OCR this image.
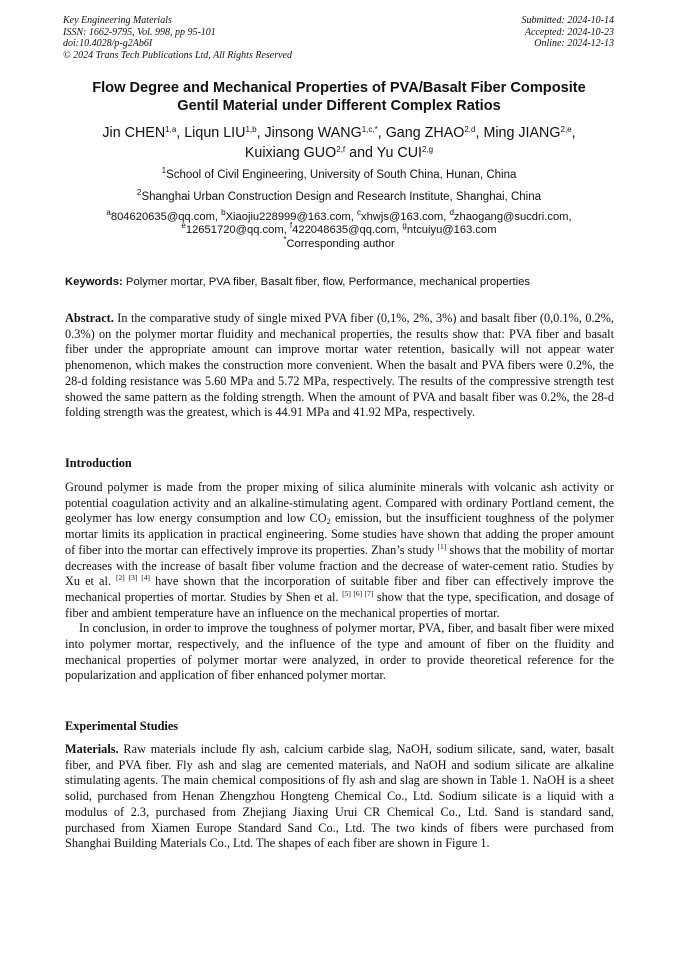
Key Engineering Materials
ISSN: 1662-9795, Vol. 998, pp 95-101
doi:10.4028/p-g2Ab6I
© 2024 Trans Tech Publications Ltd, All Rights Reserved
Submitted: 2024-10-14
Accepted: 2024-10-23
Online: 2024-12-13
Flow Degree and Mechanical Properties of PVA/Basalt Fiber Composite
Gentil Material under Different Complex Ratios
Jin CHEN$^{1,a}$, Liqun LIU$^{1,b}$, Jinsong $WANG^{1,c,*}$, Gang ZHAO$^{2,d}$, Ming JIANG$^{2,e}$,
Kuixiang GUO$^{2,f}$ and Yu CUI$^{2,g}$
$^1$School of Civil Engineering, University of South China, Hunan, China
$^2$Shanghai Urban Construction Design and Research Institute, Shanghai, China
$^a$804620635@qq.com, $^b$Xiaojiu228999@163.com, $^c$xhwjs@163.com, $^d$zhaogang@sucdri.com,
$^e$12651720@qq.com, $^f$422048635@qq.com, $^g$ntcuiyu@163.com
*Corresponding author
Keywords: Polymer mortar, PVA fiber, Basalt fiber, flow, Performance, mechanical properties

Abstract. In the comparative study of single mixed PVA fiber (0,1%, 2%, 3%) and basalt fiber (0,0.1%, 0.2%, 0.3%) on the polymer mortar fluidity and mechanical properties, the results show that: PVA fiber and basalt fiber under the appropriate amount can improve mortar water retention, basically will not appear water phenomenon, which makes the construction more convenient. When the basalt and PVA fibers were 0.2%, the 28-d folding resistance was 5.60 MPa and 5.72 MPa, respectively. The results of the compressive strength test showed the same pattern as the folding strength. When the amount of PVA and basalt fiber was 0.2%, the 28-d folding strength was the greatest, which is 44.91 MPa and 41.92 MPa, respectively.

Introduction

Ground polymer is made from the proper mixing of silica aluminite minerals with volcanic ash activity or potential coagulation activity and an alkaline-stimulating agent. Compared with ordinary Portland cement, the geolymer has low energy consumption and low $CO_2$ emission, but the insufficient toughness of the polymer mortar limits its application in practical engineering. Some studies have shown that adding the proper amount of fiber into the mortar can effectively improve its properties. Zhan’s study [1] shows that the mobility of mortar decreases with the increase of basalt fiber volume fraction and the decrease of water-cement ratio. Studies by Xu et al. [2] [3] [4] have shown that the incorporation of suitable fiber and fiber can effectively improve the mechanical properties of mortar. Studies by Shen et al. [5] [6] [7] show that the type, specification, and dosage of fiber and ambient temperature have an influence on the mechanical properties of mortar.

In conclusion, in order to improve the toughness of polymer mortar, PVA, fiber, and basalt fiber were mixed into polymer mortar, respectively, and the influence of the type and amount of fiber on the fluidity and mechanical properties of polymer mortar were analyzed, in order to provide theoretical reference for the popularization and application of fiber enhanced polymer mortar.

Experimental Studies

Materials. Raw materials include fly ash, calcium carbide slag, NaOH, sodium silicate, sand, water, basalt fiber, and PVA fiber. Fly ash and slag are cemented materials, and NaOH and sodium silicate are alkaline stimulating agents. The main chemical compositions of fly ash and slag are shown in Table 1. NaOH is a sheet solid, purchased from Henan Zhengzhou Hongteng Chemical Co., Ltd. Sodium silicate is a liquid with a modulus of 2.3, purchased from Zhejiang Jiaxing Urui CR Chemical Co., Ltd. Sand is standard sand, purchased from Xiamen Europe Standard Sand Co., Ltd. The two kinds of fibers were purchased from Shanghai Building Materials Co., Ltd. The shapes of each fiber are shown in Figure 1.
